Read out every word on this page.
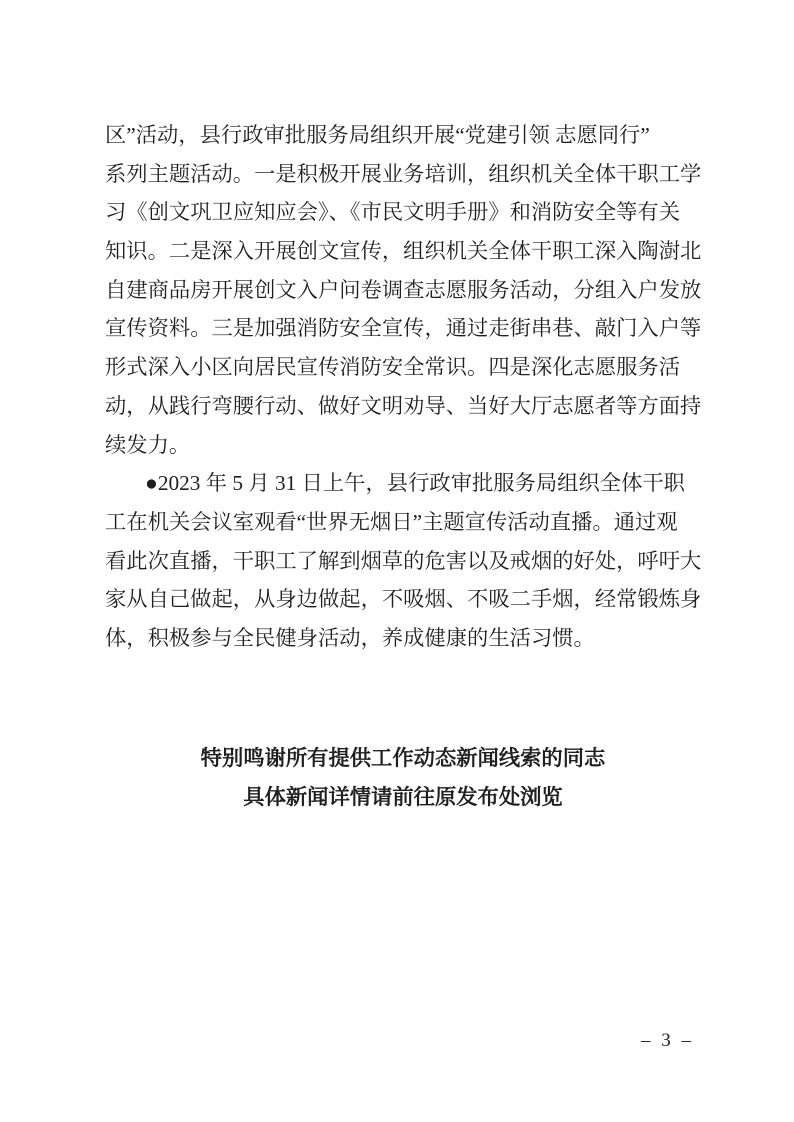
区”活动，县行政审批服务局组织开展“党建引领 志愿同行”
系列主题活动。一是积极开展业务培训，组织机关全体干职工学
习《创文巩卫应知应会》、《市民文明手册》和消防安全等有关
知识。二是深入开展创文宣传，组织机关全体干职工深入陶澍北
自建商品房开展创文入户问卷调查志愿服务活动，分组入户发放
宣传资料。三是加强消防安全宣传，通过走街串巷、敲门入户等
形式深入小区向居民宣传消防安全常识。四是深化志愿服务活
动，从践行弯腰行动、做好文明劝导、当好大厅志愿者等方面持
续发力。
●2023 年 5 月 31 日上午，县行政审批服务局组织全体干职
工在机关会议室观看“世界无烟日”主题宣传活动直播。通过观
看此次直播，干职工了解到烟草的危害以及戒烟的好处，呼吁大
家从自己做起，从身边做起，不吸烟、不吸二手烟，经常锻炼身
体，积极参与全民健身活动，养成健康的生活习惯。
特别鸣谢所有提供工作动态新闻线索的同志
具体新闻详情请前往原发布处浏览
– 3 –
